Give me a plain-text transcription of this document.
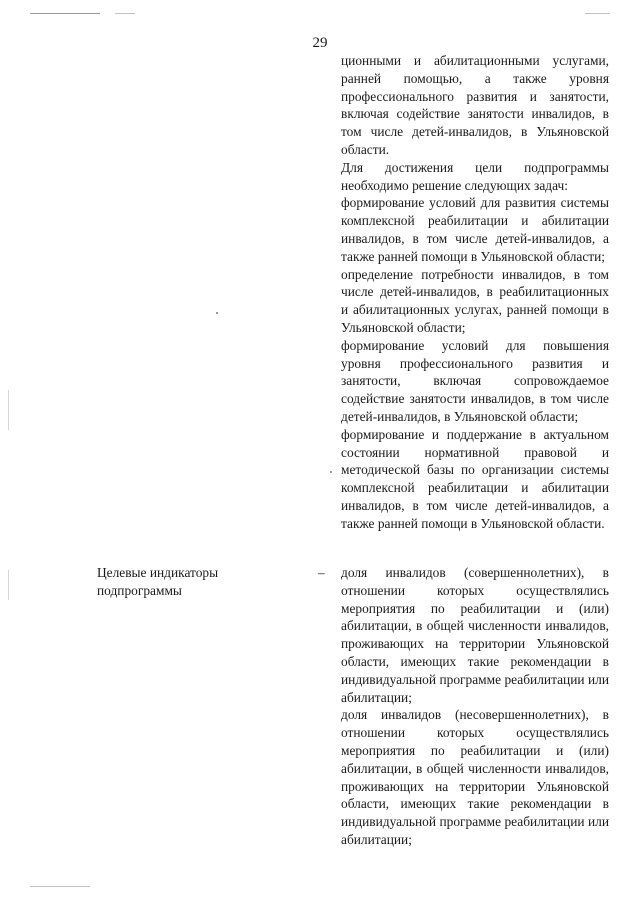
29

ционными и абилитационными услугами, ранней помощью, а также уровня профессионального развития и занятости, включая содействие занятости инвалидов, в том числе детей-инвалидов, в Ульяновской области.

Для достижения цели подпрограммы необходимо решение следующих задач:

формирование условий для развития системы комплексной реабилитации и абилитации инвалидов, в том числе детей-инвалидов, а также ранней помощи в Ульяновской области;

определение потребности инвалидов, в том числе детей-инвалидов, в реабилитационных и абилитационных услугах, ранней помощи в Ульяновской области;

формирование условий для повышения уровня профессионального развития и занятости, включая сопровождаемое содействие занятости инвалидов, в том числе детей-инвалидов, в Ульяновской области;

формирование и поддержание в актуальном состоянии нормативной правовой и методической базы по организации системы комплексной реабилитации и абилитации инвалидов, в том числе детей-инвалидов, а также ранней помощи в Ульяновской области.

Целевые индикаторы подпрограммы
– доля инвалидов (совершеннолетних), в отношении которых осуществлялись мероприятия по реабилитации и (или) абилитации, в общей численности инвалидов, проживающих на территории Ульяновской области, имеющих такие рекомендации в индивидуальной программе реабилитации или абилитации;

доля инвалидов (несовершеннолетних), в отношении которых осуществлялись мероприятия по реабилитации и (или) абилитации, в общей численности инвалидов, проживающих на территории Ульяновской области, имеющих такие рекомендации в индивидуальной программе реабилитации или абилитации;
